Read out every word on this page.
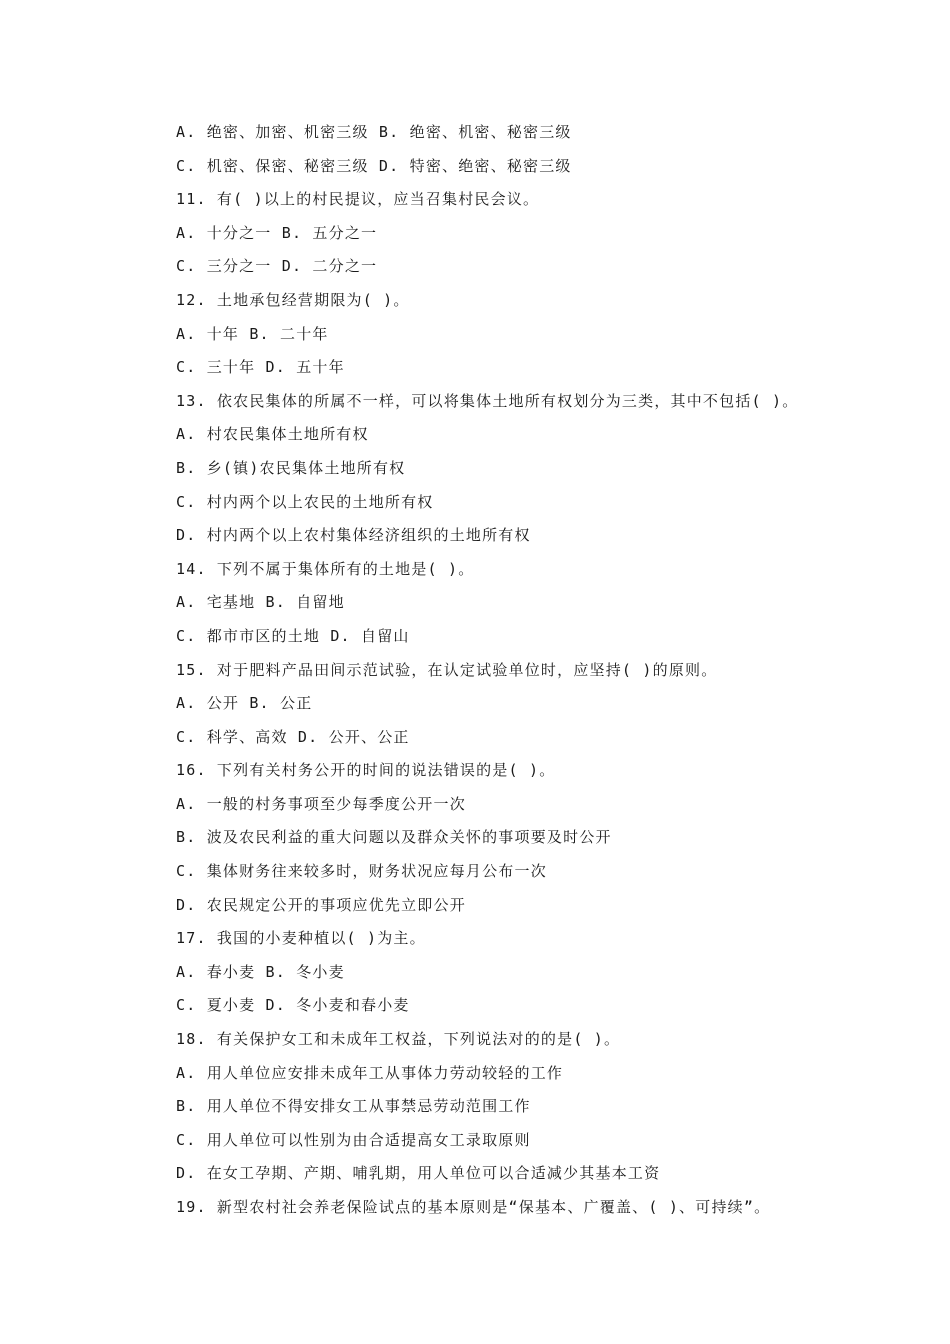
A. 绝密、加密、机密三级 B. 绝密、机密、秘密三级
C. 机密、保密、秘密三级 D. 特密、绝密、秘密三级
11. 有( )以上的村民提议，应当召集村民会议。
A. 十分之一 B. 五分之一
C. 三分之一 D. 二分之一
12. 土地承包经营期限为( )。
A. 十年 B. 二十年
C. 三十年 D. 五十年
13. 依农民集体的所属不一样，可以将集体土地所有权划分为三类，其中不包括( )。
A. 村农民集体土地所有权
B. 乡(镇)农民集体土地所有权
C. 村内两个以上农民的土地所有权
D. 村内两个以上农村集体经济组织的土地所有权
14. 下列不属于集体所有的土地是( )。
A. 宅基地 B. 自留地
C. 都市市区的土地 D. 自留山
15. 对于肥料产品田间示范试验，在认定试验单位时，应坚持( )的原则。
A. 公开 B. 公正
C. 科学、高效 D. 公开、公正
16. 下列有关村务公开的时间的说法错误的是( )。
A. 一般的村务事项至少每季度公开一次
B. 波及农民利益的重大问题以及群众关怀的事项要及时公开
C. 集体财务往来较多时，财务状况应每月公布一次
D. 农民规定公开的事项应优先立即公开
17. 我国的小麦种植以( )为主。
A. 春小麦 B. 冬小麦
C. 夏小麦 D. 冬小麦和春小麦
18. 有关保护女工和未成年工权益，下列说法对的的是( )。
A. 用人单位应安排未成年工从事体力劳动较轻的工作
B. 用人单位不得安排女工从事禁忌劳动范围工作
C. 用人单位可以性别为由合适提高女工录取原则
D. 在女工孕期、产期、哺乳期，用人单位可以合适减少其基本工资
19. 新型农村社会养老保险试点的基本原则是“保基本、广覆盖、( )、可持续”。
